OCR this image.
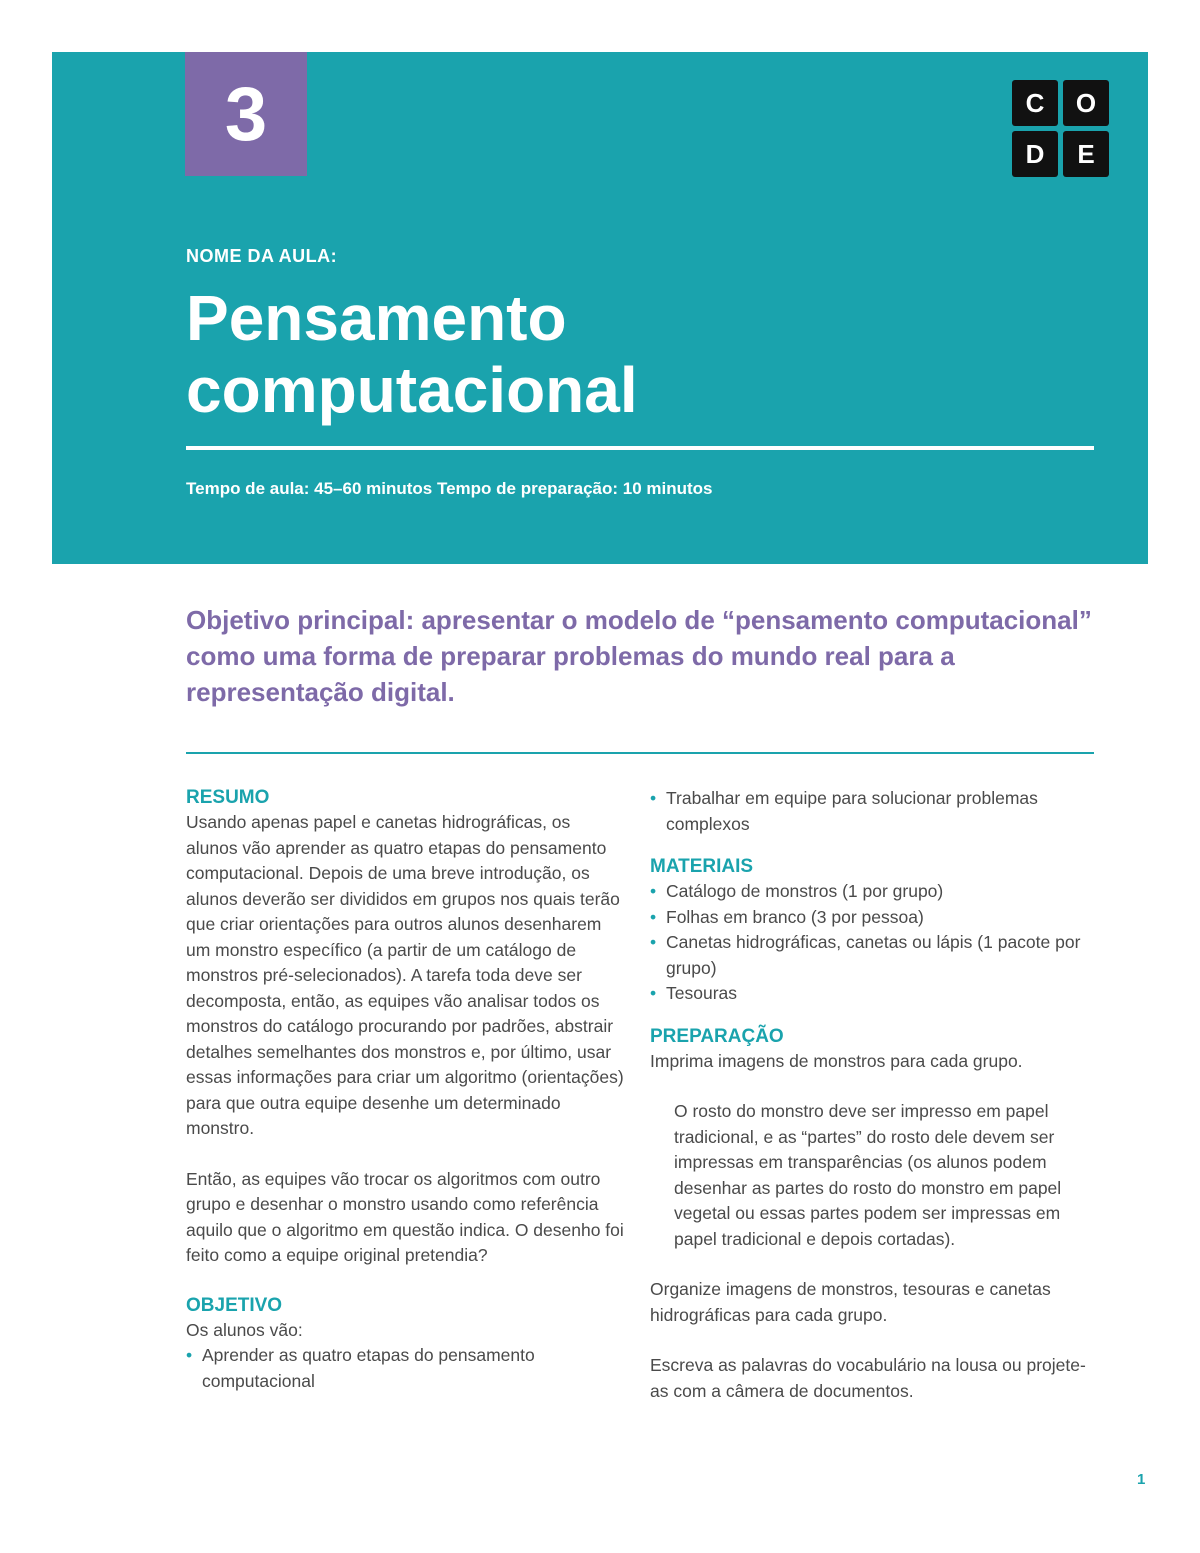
3	C	O
D	E
NOME DA AULA:
Pensamento
computacional
Tempo de aula: 45–60 minutos Tempo de preparação: 10 minutos

Objetivo principal: apresentar o modelo de “pensamento computacional” como uma forma de preparar problemas do mundo real para a representação digital.

RESUMO

Usando apenas papel e canetas hidrográficas, os alunos vão aprender as quatro etapas do pensamento computacional. Depois de uma breve introdução, os alunos deverão ser divididos em grupos nos quais terão que criar orientações para outros alunos desenharem um monstro específico (a partir de um catálogo de monstros pré-selecionados). A tarefa toda deve ser decomposta, então, as equipes vão analisar todos os monstros do catálogo procurando por padrões, abstrair detalhes semelhantes dos monstros e, por último, usar essas informações para criar um algoritmo (orientações) para que outra equipe desenhe um determinado monstro.

Então, as equipes vão trocar os algoritmos com outro grupo e desenhar o monstro usando como referência aquilo que o algoritmo em questão indica. O desenho foi feito como a equipe original pretendia?

OBJETIVO

Os alunos vão:

• Aprender as quatro etapas do pensamento computacional
• Trabalhar em equipe para solucionar problemas complexos
MATERIAIS
• Catálogo de monstros (1 por grupo)
• Folhas em branco (3 por pessoa)
• Canetas hidrográficas, canetas ou lápis (1 pacote por grupo)
• Tesouras
PREPARAÇÃO

Imprima imagens de monstros para cada grupo.

O rosto do monstro deve ser impresso em papel tradicional, e as “partes” do rosto dele devem ser impressas em transparências (os alunos podem desenhar as partes do rosto do monstro em papel vegetal ou essas partes podem ser impressas em papel tradicional e depois cortadas).

Organize imagens de monstros, tesouras e canetas hidrográficas para cada grupo.

Escreva as palavras do vocabulário na lousa ou projete-as com a câmera de documentos.

1
